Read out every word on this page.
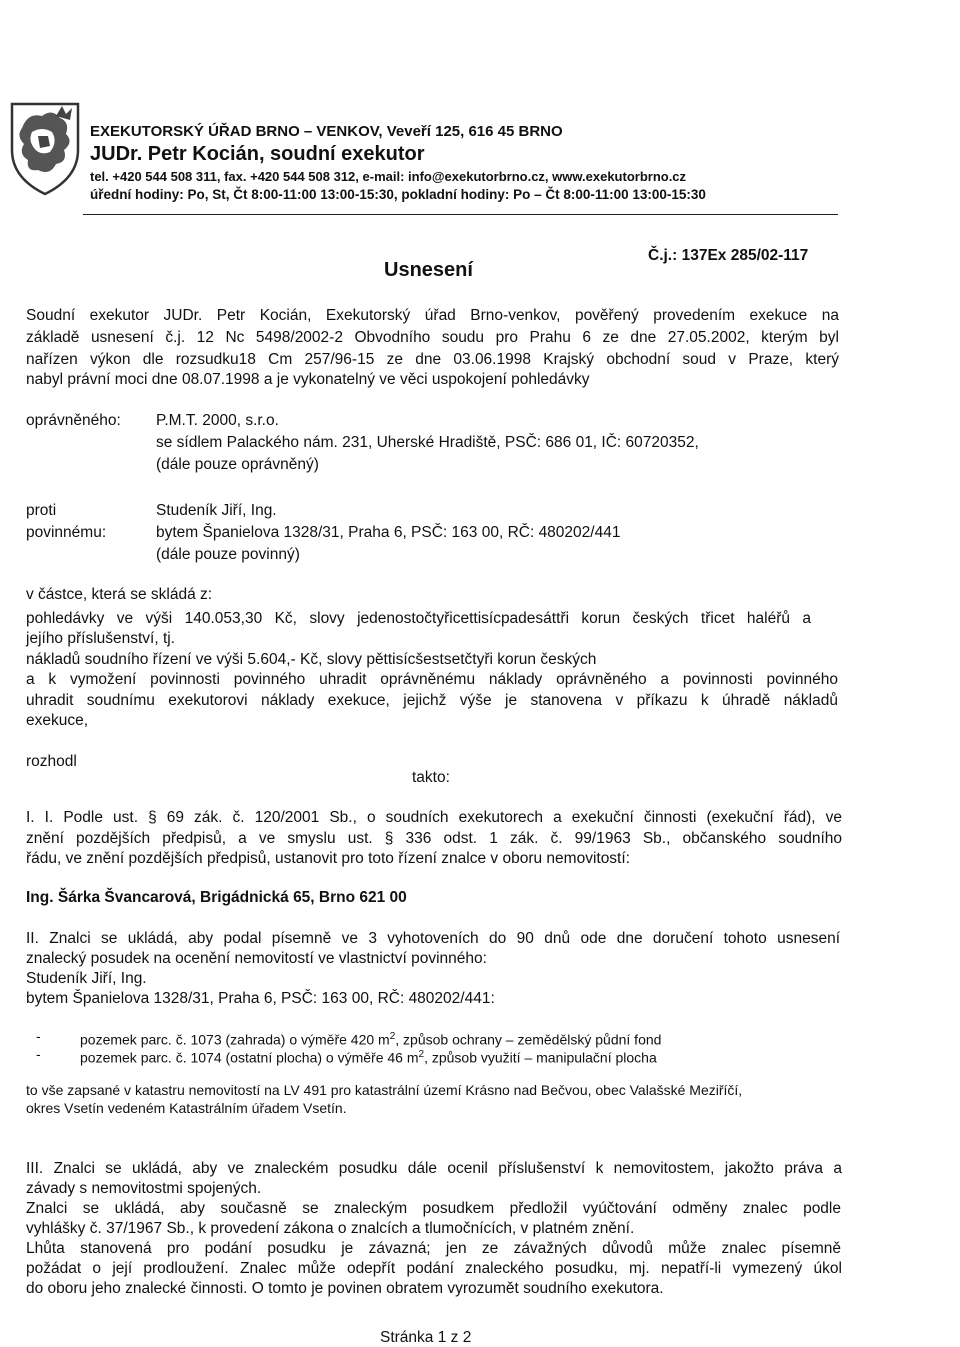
EXEKUTORSKÝ ÚŘAD BRNO – VENKOV, Veveří 125, 616 45 BRNO
JUDr. Petr Kocián, soudní exekutor
tel. +420 544 508 311, fax. +420 544 508 312, e-mail: info@exekutorbrno.cz, www.exekutorbrno.cz
úřední hodiny: Po, St, Čt 8:00-11:00 13:00-15:30, pokladní hodiny: Po – Čt 8:00-11:00 13:00-15:30
Č.j.: 137Ex 285/02-117
Usnesení
Soudní exekutor JUDr. Petr Kocián, Exekutorský úřad Brno-venkov, pověřený provedením exekuce na
základě usnesení č.j. 12 Nc 5498/2002-2 Obvodního soudu pro Prahu 6 ze dne 27.05.2002, kterým byl
nařízen výkon dle rozsudku18 Cm 257/96-15 ze dne 03.06.1998 Krajský obchodní soud v Praze, který
nabyl právní moci dne 08.07.1998 a je vykonatelný ve věci uspokojení pohledávky
oprávněného: P.M.T. 2000, s.r.o.
se sídlem Palackého nám. 231, Uherské Hradiště, PSČ: 686 01, IČ: 60720352,
(dále pouze oprávněný)
proti
povinnému:
Studeník Jiří, Ing.
bytem Španielova 1328/31, Praha 6, PSČ: 163 00, RČ: 480202/441
(dále pouze povinný)
v částce, která se skládá z:
pohledávky ve výši 140.053,30 Kč, slovy jedenostočtyřicettisícpadesáttři korun českých třicet haléřů a
jejího příslušenství, tj.
nákladů soudního řízení ve výši 5.604,- Kč, slovy pěttisícšestsetčtyři korun českých
a k vymožení povinnosti povinného uhradit oprávněnému náklady oprávněného a povinnosti povinného
uhradit soudnímu exekutorovi náklady exekuce, jejichž výše je stanovena v příkazu k úhradě nákladů
exekuce,
rozhodl
takto:
I. I. Podle ust. § 69 zák. č. 120/2001 Sb., o soudních exekutorech a exekuční činnosti (exekuční řád), ve
znění pozdějších předpisů, a ve smyslu ust. § 336 odst. 1 zák. č. 99/1963 Sb., občanského soudního
řádu, ve znění pozdějších předpisů, ustanovit pro toto řízení znalce v oboru nemovitostí:
Ing. Šárka Švancarová, Brigádnická 65, Brno 621 00
II. Znalci se ukládá, aby podal písemně ve 3 vyhotoveních do 90 dnů ode dne doručení tohoto usnesení
znalecký posudek na ocenění nemovitostí ve vlastnictví povinného:
Studeník Jiří, Ing.
bytem Španielova 1328/31, Praha 6, PSČ: 163 00, RČ: 480202/441:
-	pozemek parc. č. 1073 (zahrada) o výměře 420 $m^2$, způsob ochrany – zemědělský půdní fond
-	pozemek parc. č. 1074 (ostatní plocha) o výměře 46 $m^2$, způsob využití – manipulační plocha
to vše zapsané v katastru nemovitostí na LV 491 pro katastrální území Krásno nad Bečvou, obec Valašské Meziříčí,
okres Vsetín vedeném Katastrálním úřadem Vsetín.
III. Znalci se ukládá, aby ve znaleckém posudku dále ocenil příslušenství k nemovitostem, jakožto práva a
závady s nemovitostmi spojených.
Znalci se ukládá, aby současně se znaleckým posudkem předložil vyúčtování odměny znalec podle
vyhlášky č. 37/1967 Sb., k provedení zákona o znalcích a tlumočnících, v platném znění.
Lhůta stanovená pro podání posudku je závazná; jen ze závažných důvodů může znalec písemně
požádat o její prodloužení. Znalec může odepřít podání znaleckého posudku, mj. nepatří-li vymezený úkol
do oboru jeho znalecké činnosti. O tomto je povinen obratem vyrozumět soudního exekutora.
Stránka 1 z 2
